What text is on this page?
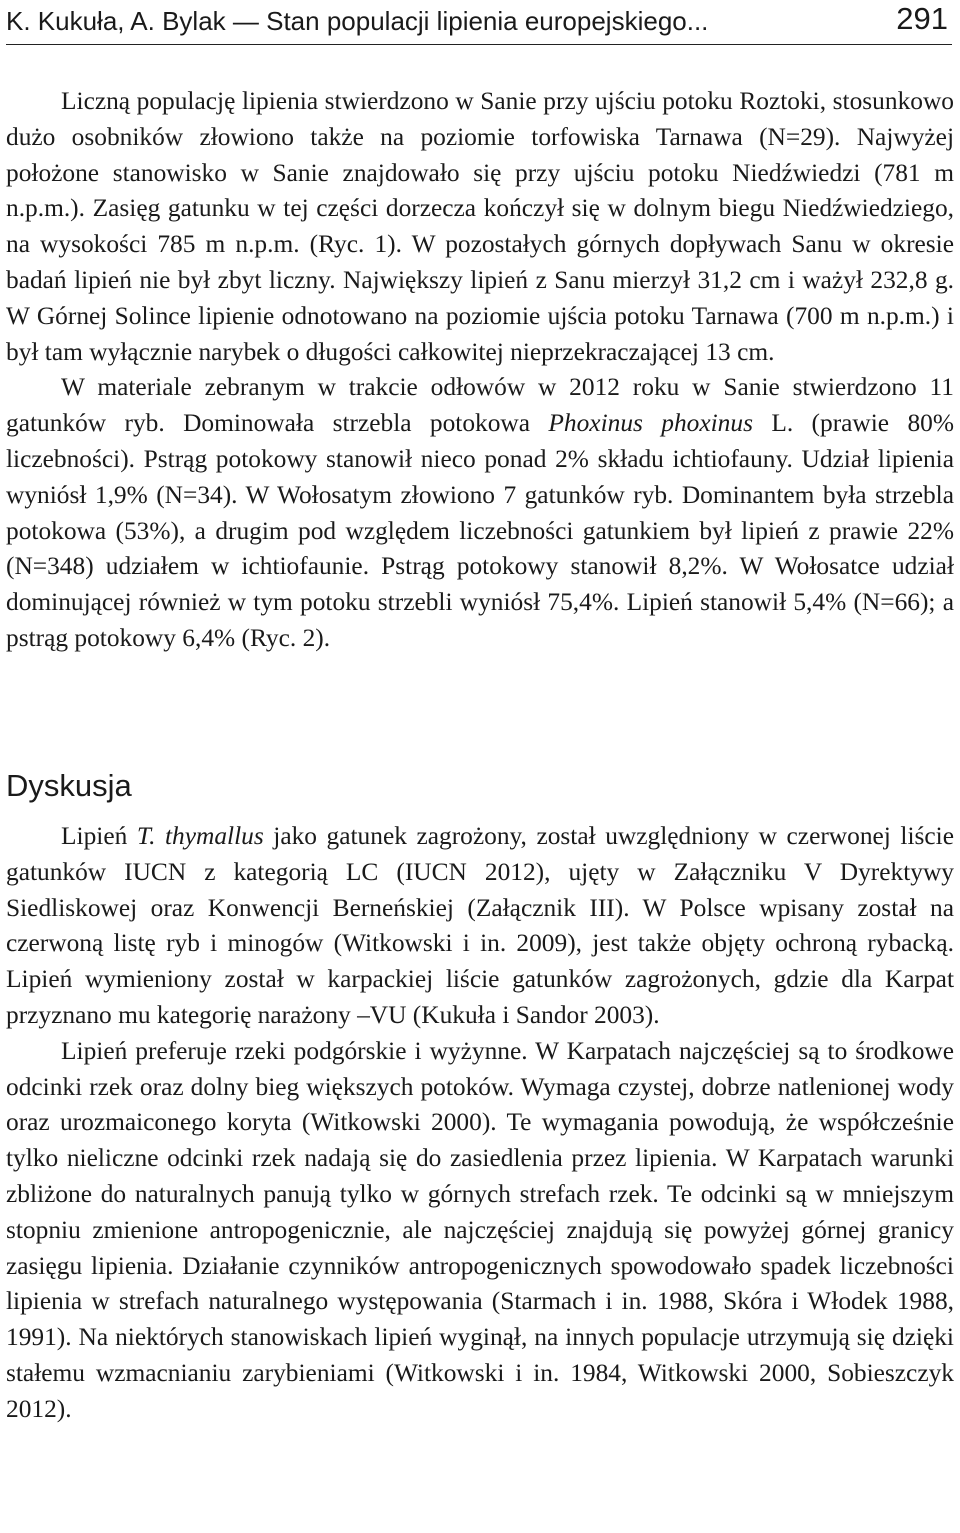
K. Kukuła, A. Bylak — Stan populacji lipienia europejskiego...	291

Liczną populację lipienia stwierdzono w Sanie przy ujściu potoku Roztoki, stosunkowo dużo osobników złowiono także na poziomie torfowiska Tarnawa (N=29). Najwyżej położone stanowisko w Sanie znajdowało się przy ujściu potoku Niedźwiedzi (781 m n.p.m.). Zasięg gatunku w tej części dorzecza kończył się w dolnym biegu Niedźwiedziego, na wysokości 785 m n.p.m. (Ryc. 1). W pozostałych górnych dopływach Sanu w okresie badań lipień nie był zbyt liczny. Największy lipień z Sanu mierzył 31,2 cm i ważył 232,8 g. W Górnej Solince lipienie odnotowano na poziomie ujścia potoku Tarnawa (700 m n.p.m.) i był tam wyłącznie narybek o długości całkowitej nieprzekraczającej 13 cm.

W materiale zebranym w trakcie odłowów w 2012 roku w Sanie stwierdzono 11 gatunków ryb. Dominowała strzebla potokowa Phoxinus phoxinus L. (prawie 80% liczebności). Pstrąg potokowy stanowił nieco ponad 2% składu ichtiofauny. Udział lipienia wyniósł 1,9% (N=34). W Wołosatym złowiono 7 gatunków ryb. Dominantem była strzebla potokowa (53%), a drugim pod względem liczebności gatunkiem był lipień z prawie 22% (N=348) udziałem w ichtiofaunie. Pstrąg potokowy stanowił 8,2%. W Wołosatce udział dominującej również w tym potoku strzebli wyniósł 75,4%. Lipień stanowił 5,4% (N=66); a pstrąg potokowy 6,4% (Ryc. 2).

Dyskusja

Lipień T. thymallus jako gatunek zagrożony, został uwzględniony w czerwonej liście gatunków IUCN z kategorią LC (IUCN 2012), ujęty w Załączniku V Dyrektywy Siedliskowej oraz Konwencji Berneńskiej (Załącznik III). W Polsce wpisany został na czerwoną listę ryb i minogów (Witkowski i in. 2009), jest także objęty ochroną rybacką. Lipień wymieniony został w karpackiej liście gatunków zagrożonych, gdzie dla Karpat przyznano mu kategorię narażony –VU (Kukuła i Sandor 2003).

Lipień preferuje rzeki podgórskie i wyżynne. W Karpatach najczęściej są to środkowe odcinki rzek oraz dolny bieg większych potoków. Wymaga czystej, dobrze natlenionej wody oraz urozmaiconego koryta (Witkowski 2000). Te wymagania powodują, że współcześnie tylko nieliczne odcinki rzek nadają się do zasiedlenia przez lipienia. W Karpatach warunki zbliżone do naturalnych panują tylko w górnych strefach rzek. Te odcinki są w mniejszym stopniu zmienione antropogenicznie, ale najczęściej znajdują się powyżej górnej granicy zasięgu lipienia. Działanie czynników antropogenicznych spowodowało spadek liczebności lipienia w strefach naturalnego występowania (Starmach i in. 1988, Skóra i Włodek 1988, 1991). Na niektórych stanowiskach lipień wyginął, na innych populacje utrzymują się dzięki stałemu wzmacnianiu zarybieniami (Witkowski i in. 1984, Witkowski 2000, Sobieszczyk 2012).
